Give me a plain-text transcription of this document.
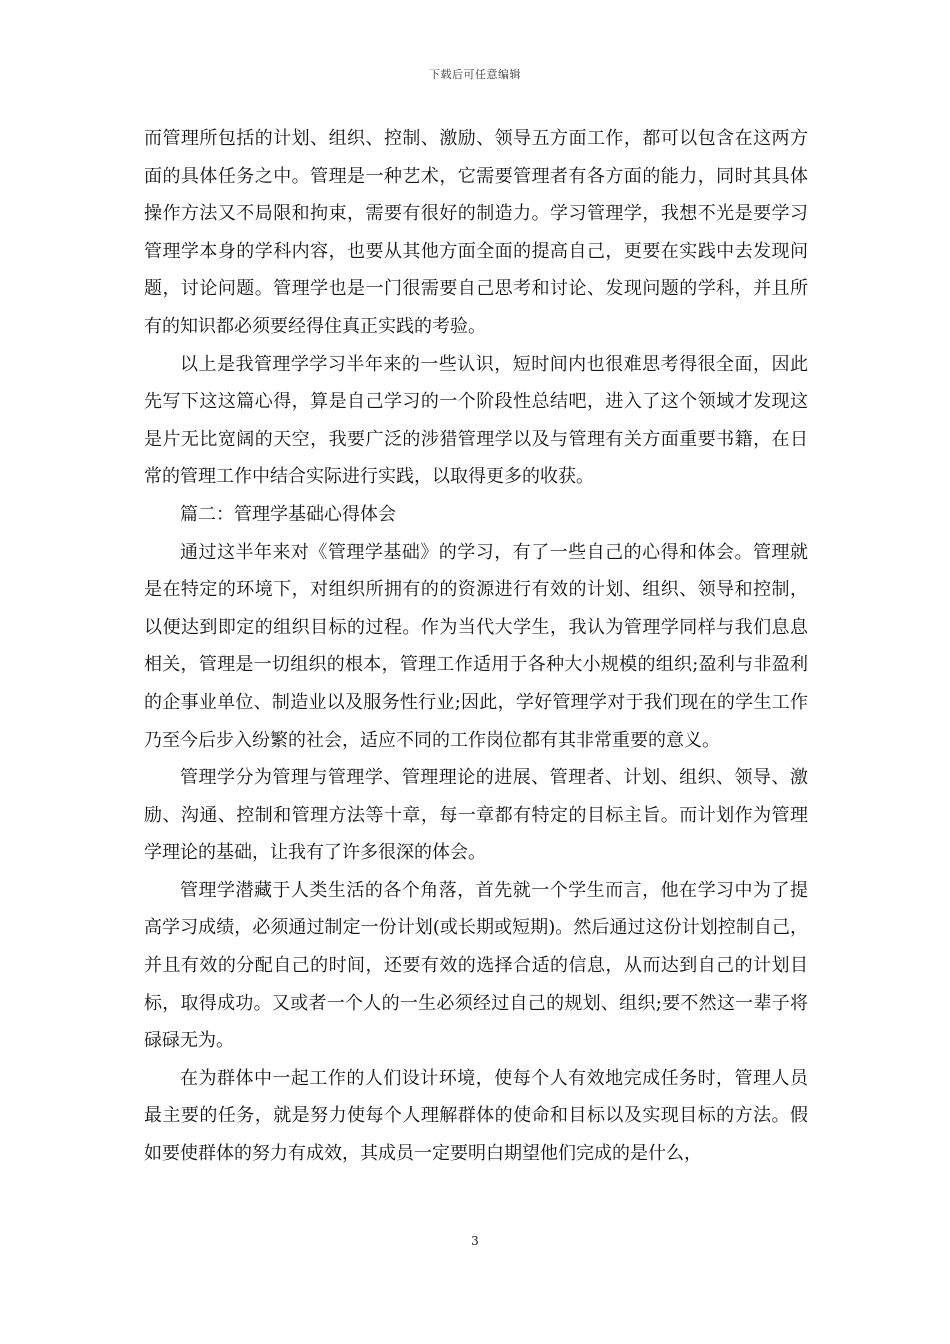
下载后可任意编辑

而管理所包括的计划、组织、控制、激励、领导五方面工作，都可以包含在这两方面的具体任务之中。管理是一种艺术，它需要管理者有各方面的能力，同时其具体操作方法又不局限和拘束，需要有很好的制造力。学习管理学，我想不光是要学习管理学本身的学科内容，也要从其他方面全面的提高自己，更要在实践中去发现问题，讨论问题。管理学也是一门很需要自己思考和讨论、发现问题的学科，并且所有的知识都必须要经得住真正实践的考验。

以上是我管理学学习半年来的一些认识，短时间内也很难思考得很全面，因此先写下这这篇心得，算是自己学习的一个阶段性总结吧，进入了这个领域才发现这是片无比宽阔的天空，我要广泛的涉猎管理学以及与管理有关方面重要书籍，在日常的管理工作中结合实际进行实践，以取得更多的收获。

篇二：管理学基础心得体会

通过这半年来对《管理学基础》的学习，有了一些自己的心得和体会。管理就是在特定的环境下，对组织所拥有的的资源进行有效的计划、组织、领导和控制，以便达到即定的组织目标的过程。作为当代大学生，我认为管理学同样与我们息息相关，管理是一切组织的根本，管理工作适用于各种大小规模的组织;盈利与非盈利的企事业单位、制造业以及服务性行业;因此，学好管理学对于我们现在的学生工作乃至今后步入纷繁的社会，适应不同的工作岗位都有其非常重要的意义。

管理学分为管理与管理学、管理理论的进展、管理者、计划、组织、领导、激励、沟通、控制和管理方法等十章，每一章都有特定的目标主旨。而计划作为管理学理论的基础，让我有了许多很深的体会。

管理学潜藏于人类生活的各个角落，首先就一个学生而言，他在学习中为了提高学习成绩，必须通过制定一份计划(或长期或短期)。然后通过这份计划控制自己，并且有效的分配自己的时间，还要有效的选择合适的信息，从而达到自己的计划目标，取得成功。又或者一个人的一生必须经过自己的规划、组织;要不然这一辈子将碌碌无为。

在为群体中一起工作的人们设计环境，使每个人有效地完成任务时，管理人员最主要的任务，就是努力使每个人理解群体的使命和目标以及实现目标的方法。假如要使群体的努力有成效，其成员一定要明白期望他们完成的是什么，

3
